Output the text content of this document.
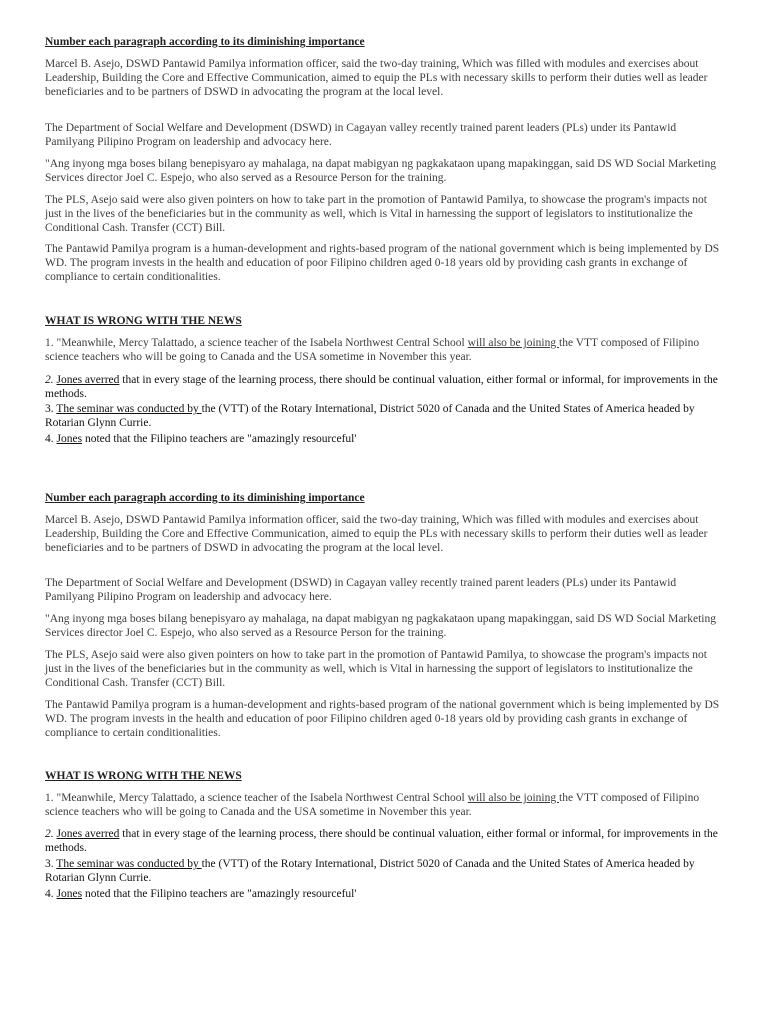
Number each paragraph according to its diminishing importance

Marcel B. Asejo, DSWD Pantawid Pamilya information officer, said the two-day training, Which was filled with modules and exercises about Leadership, Building the Core and Effective Communication, aimed to equip the PLs with necessary skills to perform their duties well as leader beneficiaries and to be partners of DSWD in advocating the program at the local level.

The Department of Social Welfare and Development (DSWD) in Cagayan valley recently trained parent leaders (PLs) under its Pantawid Pamilyang Pilipino Program on leadership and advocacy here.

"Ang inyong mga boses bilang benepisyaro ay mahalaga, na dapat mabigyan ng pagkakataon upang mapakinggan, said DS WD Social Marketing Services director Joel C. Espejo, who also served as a Resource Person for the training.

The PLS, Asejo said were also given pointers on how to take part in the promotion of Pantawid Pamilya, to showcase the program's impacts not just in the lives of the beneficiaries but in the community as well, which is Vital in harnessing the support of legislators to institutionalize the Conditional Cash. Transfer (CCT) Bill.

The Pantawid Pamilya program is a human-development and rights-based program of the national government which is being implemented by DS WD. The program invests in the health and education of poor Filipino children aged 0-18 years old by providing cash grants in exchange of compliance to certain conditionalities.

WHAT IS WRONG WITH THE NEWS

1. "Meanwhile, Mercy Talattado, a science teacher of the Isabela Northwest Central School will also be joining the VTT composed of Filipino science teachers who will be going to Canada and the USA sometime in November this year.

2. Jones averred that in every stage of the learning process, there should be continual valuation, either formal or informal, for improvements in the methods.

3. The seminar was conducted by the (VTT) of the Rotary International, District 5020 of Canada and the United States of America headed by Rotarian Glynn Currie.

4. Jones noted that the Filipino teachers are "amazingly resourceful'

Number each paragraph according to its diminishing importance

Marcel B. Asejo, DSWD Pantawid Pamilya information officer, said the two-day training, Which was filled with modules and exercises about Leadership, Building the Core and Effective Communication, aimed to equip the PLs with necessary skills to perform their duties well as leader beneficiaries and to be partners of DSWD in advocating the program at the local level.

The Department of Social Welfare and Development (DSWD) in Cagayan valley recently trained parent leaders (PLs) under its Pantawid Pamilyang Pilipino Program on leadership and advocacy here.

"Ang inyong mga boses bilang benepisyaro ay mahalaga, na dapat mabigyan ng pagkakataon upang mapakinggan, said DS WD Social Marketing Services director Joel C. Espejo, who also served as a Resource Person for the training.

The PLS, Asejo said were also given pointers on how to take part in the promotion of Pantawid Pamilya, to showcase the program's impacts not just in the lives of the beneficiaries but in the community as well, which is Vital in harnessing the support of legislators to institutionalize the Conditional Cash. Transfer (CCT) Bill.

The Pantawid Pamilya program is a human-development and rights-based program of the national government which is being implemented by DS WD. The program invests in the health and education of poor Filipino children aged 0-18 years old by providing cash grants in exchange of compliance to certain conditionalities.

WHAT IS WRONG WITH THE NEWS

1. "Meanwhile, Mercy Talattado, a science teacher of the Isabela Northwest Central School will also be joining the VTT composed of Filipino science teachers who will be going to Canada and the USA sometime in November this year.

2. Jones averred that in every stage of the learning process, there should be continual valuation, either formal or informal, for improvements in the methods.

3. The seminar was conducted by the (VTT) of the Rotary International, District 5020 of Canada and the United States of America headed by Rotarian Glynn Currie.

4. Jones noted that the Filipino teachers are "amazingly resourceful'
